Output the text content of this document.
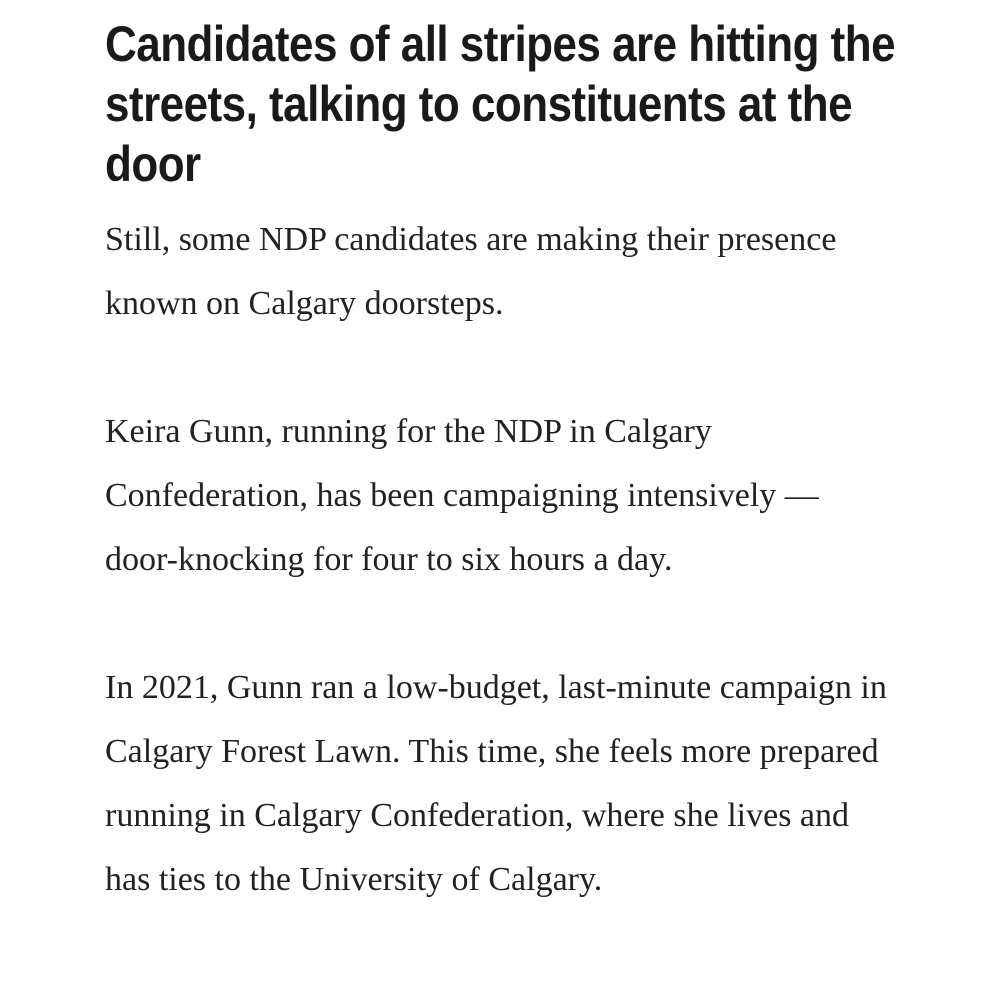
Candidates of all stripes are hitting the streets, talking to constituents at the door

Still, some NDP candidates are making their presence known on Calgary doorsteps.

Keira Gunn, running for the NDP in Calgary Confederation, has been campaigning intensively — door-knocking for four to six hours a day.

In 2021, Gunn ran a low-budget, last-minute campaign in Calgary Forest Lawn. This time, she feels more prepared running in Calgary Confederation, where she lives and has ties to the University of Calgary.
